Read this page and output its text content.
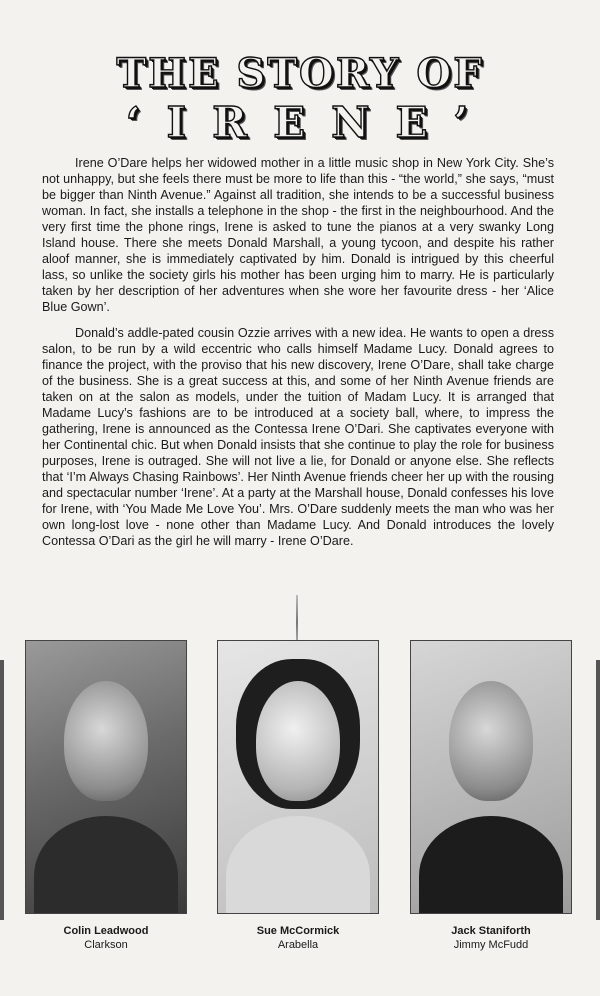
THE STORY OF
‘IRENE’

Irene O’Dare helps her widowed mother in a little music shop in New York City. She’s not unhappy, but she feels there must be more to life than this - “the world,” she says, “must be bigger than Ninth Avenue.” Against all tradition, she intends to be a successful business woman. In fact, she installs a telephone in the shop - the first in the neighbourhood. And the very first time the phone rings, Irene is asked to tune the pianos at a very swanky Long Island house. There she meets Donald Marshall, a young tycoon, and despite his rather aloof manner, she is immediately captivated by him. Donald is intrigued by this cheerful lass, so unlike the society girls his mother has been urging him to marry. He is particularly taken by her description of her adventures when she wore her favourite dress - her ‘Alice Blue Gown’.

Donald’s addle-pated cousin Ozzie arrives with a new idea. He wants to open a dress salon, to be run by a wild eccentric who calls himself Madame Lucy. Donald agrees to finance the project, with the proviso that his new discovery, Irene O’Dare, shall take charge of the business. She is a great success at this, and some of her Ninth Avenue friends are taken on at the salon as models, under the tuition of Madam Lucy. It is arranged that Madame Lucy’s fashions are to be introduced at a society ball, where, to impress the gathering, Irene is announced as the Contessa Irene O’Dari. She captivates everyone with her Continental chic. But when Donald insists that she continue to play the role for business purposes, Irene is outraged. She will not live a lie, for Donald or anyone else. She reflects that ‘I’m Always Chasing Rainbows’. Her Ninth Avenue friends cheer her up with the rousing and spectacular number ‘Irene’. At a party at the Marshall house, Donald confesses his love for Irene, with ‘You Made Me Love You’. Mrs. O’Dare suddenly meets the man who was her own long-lost love - none other than Madame Lucy. And Donald introduces the lovely Contessa O’Dari as the girl he will marry - Irene O’Dare.

Colin Leadwood
Clarkson
Sue McCormick
Arabella
Jack Staniforth
Jimmy McFudd
